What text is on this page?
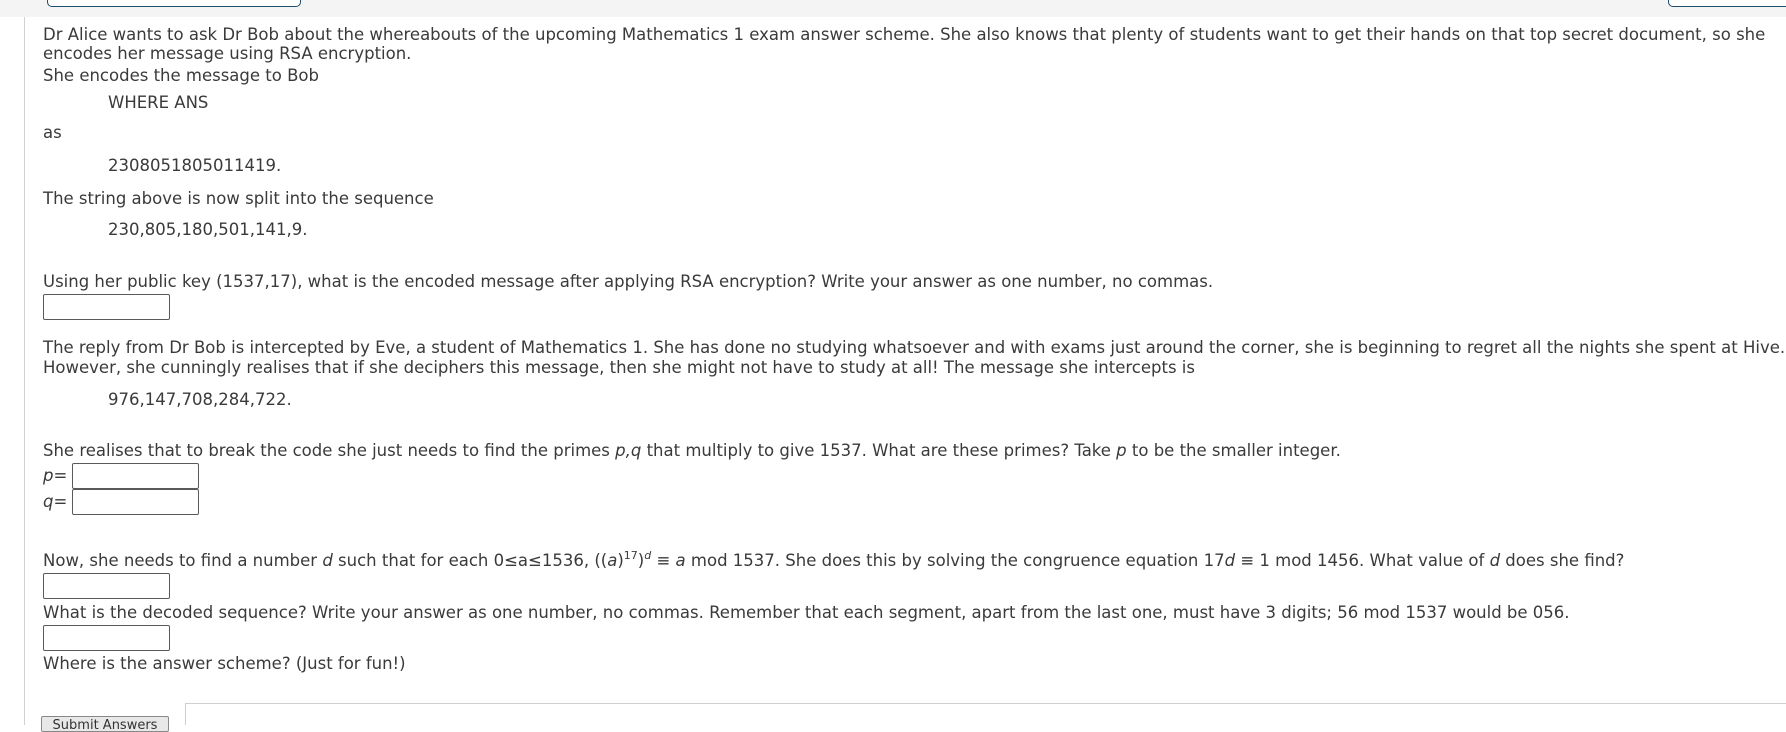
Dr Alice wants to ask Dr Bob about the whereabouts of the upcoming Mathematics 1 exam answer scheme. She also knows that plenty of students want to get their hands on that top secret document, so she
encodes her message using RSA encryption.
She encodes the message to Bob
WHERE ANS
as
2308051805011419.
The string above is now split into the sequence
230,805,180,501,141,9.
Using her public key (1537,17), what is the encoded message after applying RSA encryption? Write your answer as one number, no commas.
The reply from Dr Bob is intercepted by Eve, a student of Mathematics 1. She has done no studying whatsoever and with exams just around the corner, she is beginning to regret all the nights she spent at Hive.
However, she cunningly realises that if she deciphers this message, then she might not have to study at all! The message she intercepts is
976,147,708,284,722.
She realises that to break the code she just needs to find the primes p,q that multiply to give 1537. What are these primes? Take p to be the smaller integer.
p=
q=
Now, she needs to find a number d such that for each 0≤a≤1536, $((a)^{17})^d \equiv a$ mod 1537. She does this by solving the congruence equation 17d ≡ 1 mod 1456. What value of d does she find?
What is the decoded sequence? Write your answer as one number, no commas. Remember that each segment, apart from the last one, must have 3 digits; 56 mod 1537 would be 056.
Where is the answer scheme? (Just for fun!)
Submit Answers
